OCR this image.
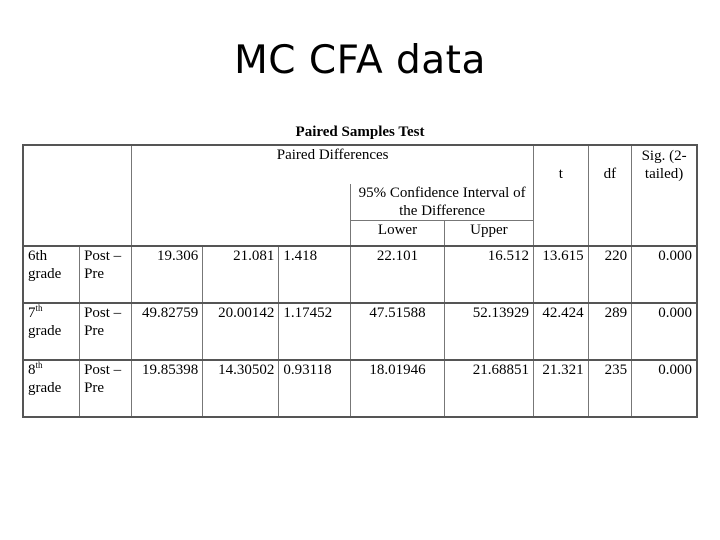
MC CFA data
Paired Samples Test
		Paired Differences					t	df	Sig. (2-tailed)
					95% Confidence Interval of the Difference				
					Lower	Upper			
6th
grade	Post – Pre	19.306	21.081	1.418	22.101	16.512	13.615	220	0.000
7th
grade	Post – Pre	49.82759	20.00142	1.17452	47.51588	52.13929	42.424	289	0.000
8th
grade	Post – Pre	19.85398	14.30502	0.93118	18.01946	21.68851	21.321	235	0.000
